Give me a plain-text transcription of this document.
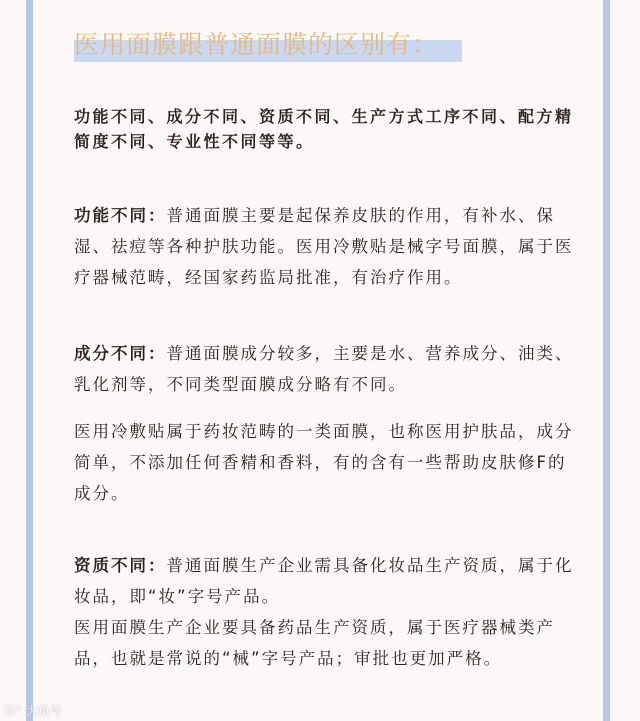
医用面膜跟普通面膜的区别有：
功能不同、成分不同、资质不同、生产方式工序不同、配方精简度不同、专业性不同等等。
功能不同：普通面膜主要是起保养皮肤的作用，有补水、保湿、祛痘等各种护肤功能。医用冷敷贴是械字号面膜，属于医疗器械范畴，经国家药监局批准，有治疗作用。
成分不同：普通面膜成分较多，主要是水、营养成分、油类、乳化剂等，不同类型面膜成分略有不同。
医用冷敷贴属于药妆范畴的一类面膜，也称医用护肤品，成分简单，不添加任何香精和香料，有的含有一些帮助皮肤修F的成分。
资质不同：普通面膜生产企业需具备化妆品生产资质，属于化妆品，即“妆”字号产品。
医用面膜生产企业要具备药品生产资质，属于医疗器械类产品，也就是常说的“械”字号产品；审批也更加严格。
ⓚ° 大鱼号
